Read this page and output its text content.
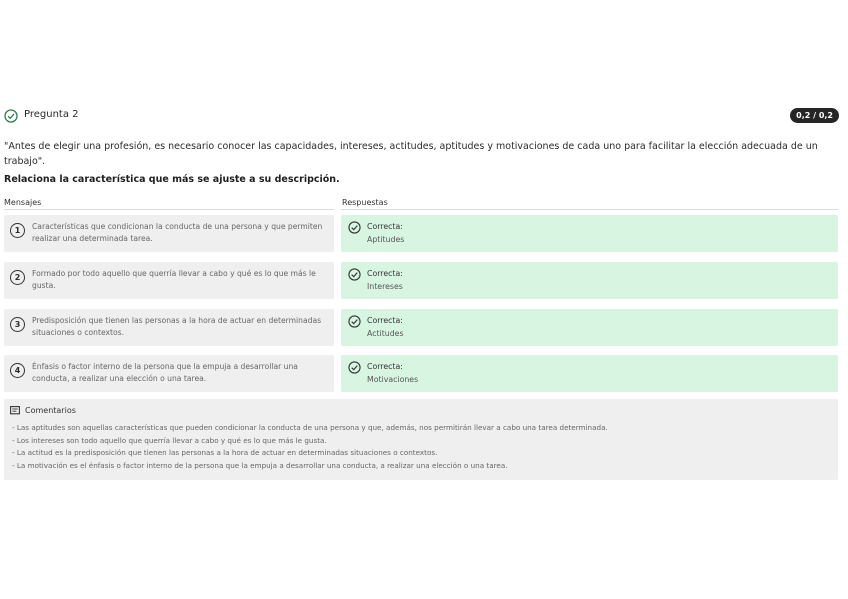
Pregunta 2	0,2 / 0,2
"Antes de elegir una profesión, es necesario conocer las capacidades, intereses, actitudes, aptitudes y motivaciones de cada uno para facilitar la elección adecuada de un trabajo".
Relaciona la característica que más se ajuste a su descripción.
Mensajes	Respuestas
1	Características que condicionan la conducta de una persona y que permiten realizar una determinada tarea.
Correcta:
Aptitudes
2	Formado por todo aquello que querría llevar a cabo y qué es lo que más le gusta.
Correcta:
Intereses
3	Predisposición que tienen las personas a la hora de actuar en determinadas situaciones o contextos.
Correcta:
Actitudes
4	Énfasis o factor interno de la persona que la empuja a desarrollar una conducta, a realizar una elección o una tarea.
Correcta:
Motivaciones
Comentarios
- Las aptitudes son aquellas características que pueden condicionar la conducta de una persona y que, además, nos permitirán llevar a cabo una tarea determinada.
- Los intereses son todo aquello que querría llevar a cabo y qué es lo que más le gusta.
- La actitud es la predisposición que tienen las personas a la hora de actuar en determinadas situaciones o contextos.
- La motivación es el énfasis o factor interno de la persona que la empuja a desarrollar una conducta, a realizar una elección o una tarea.
